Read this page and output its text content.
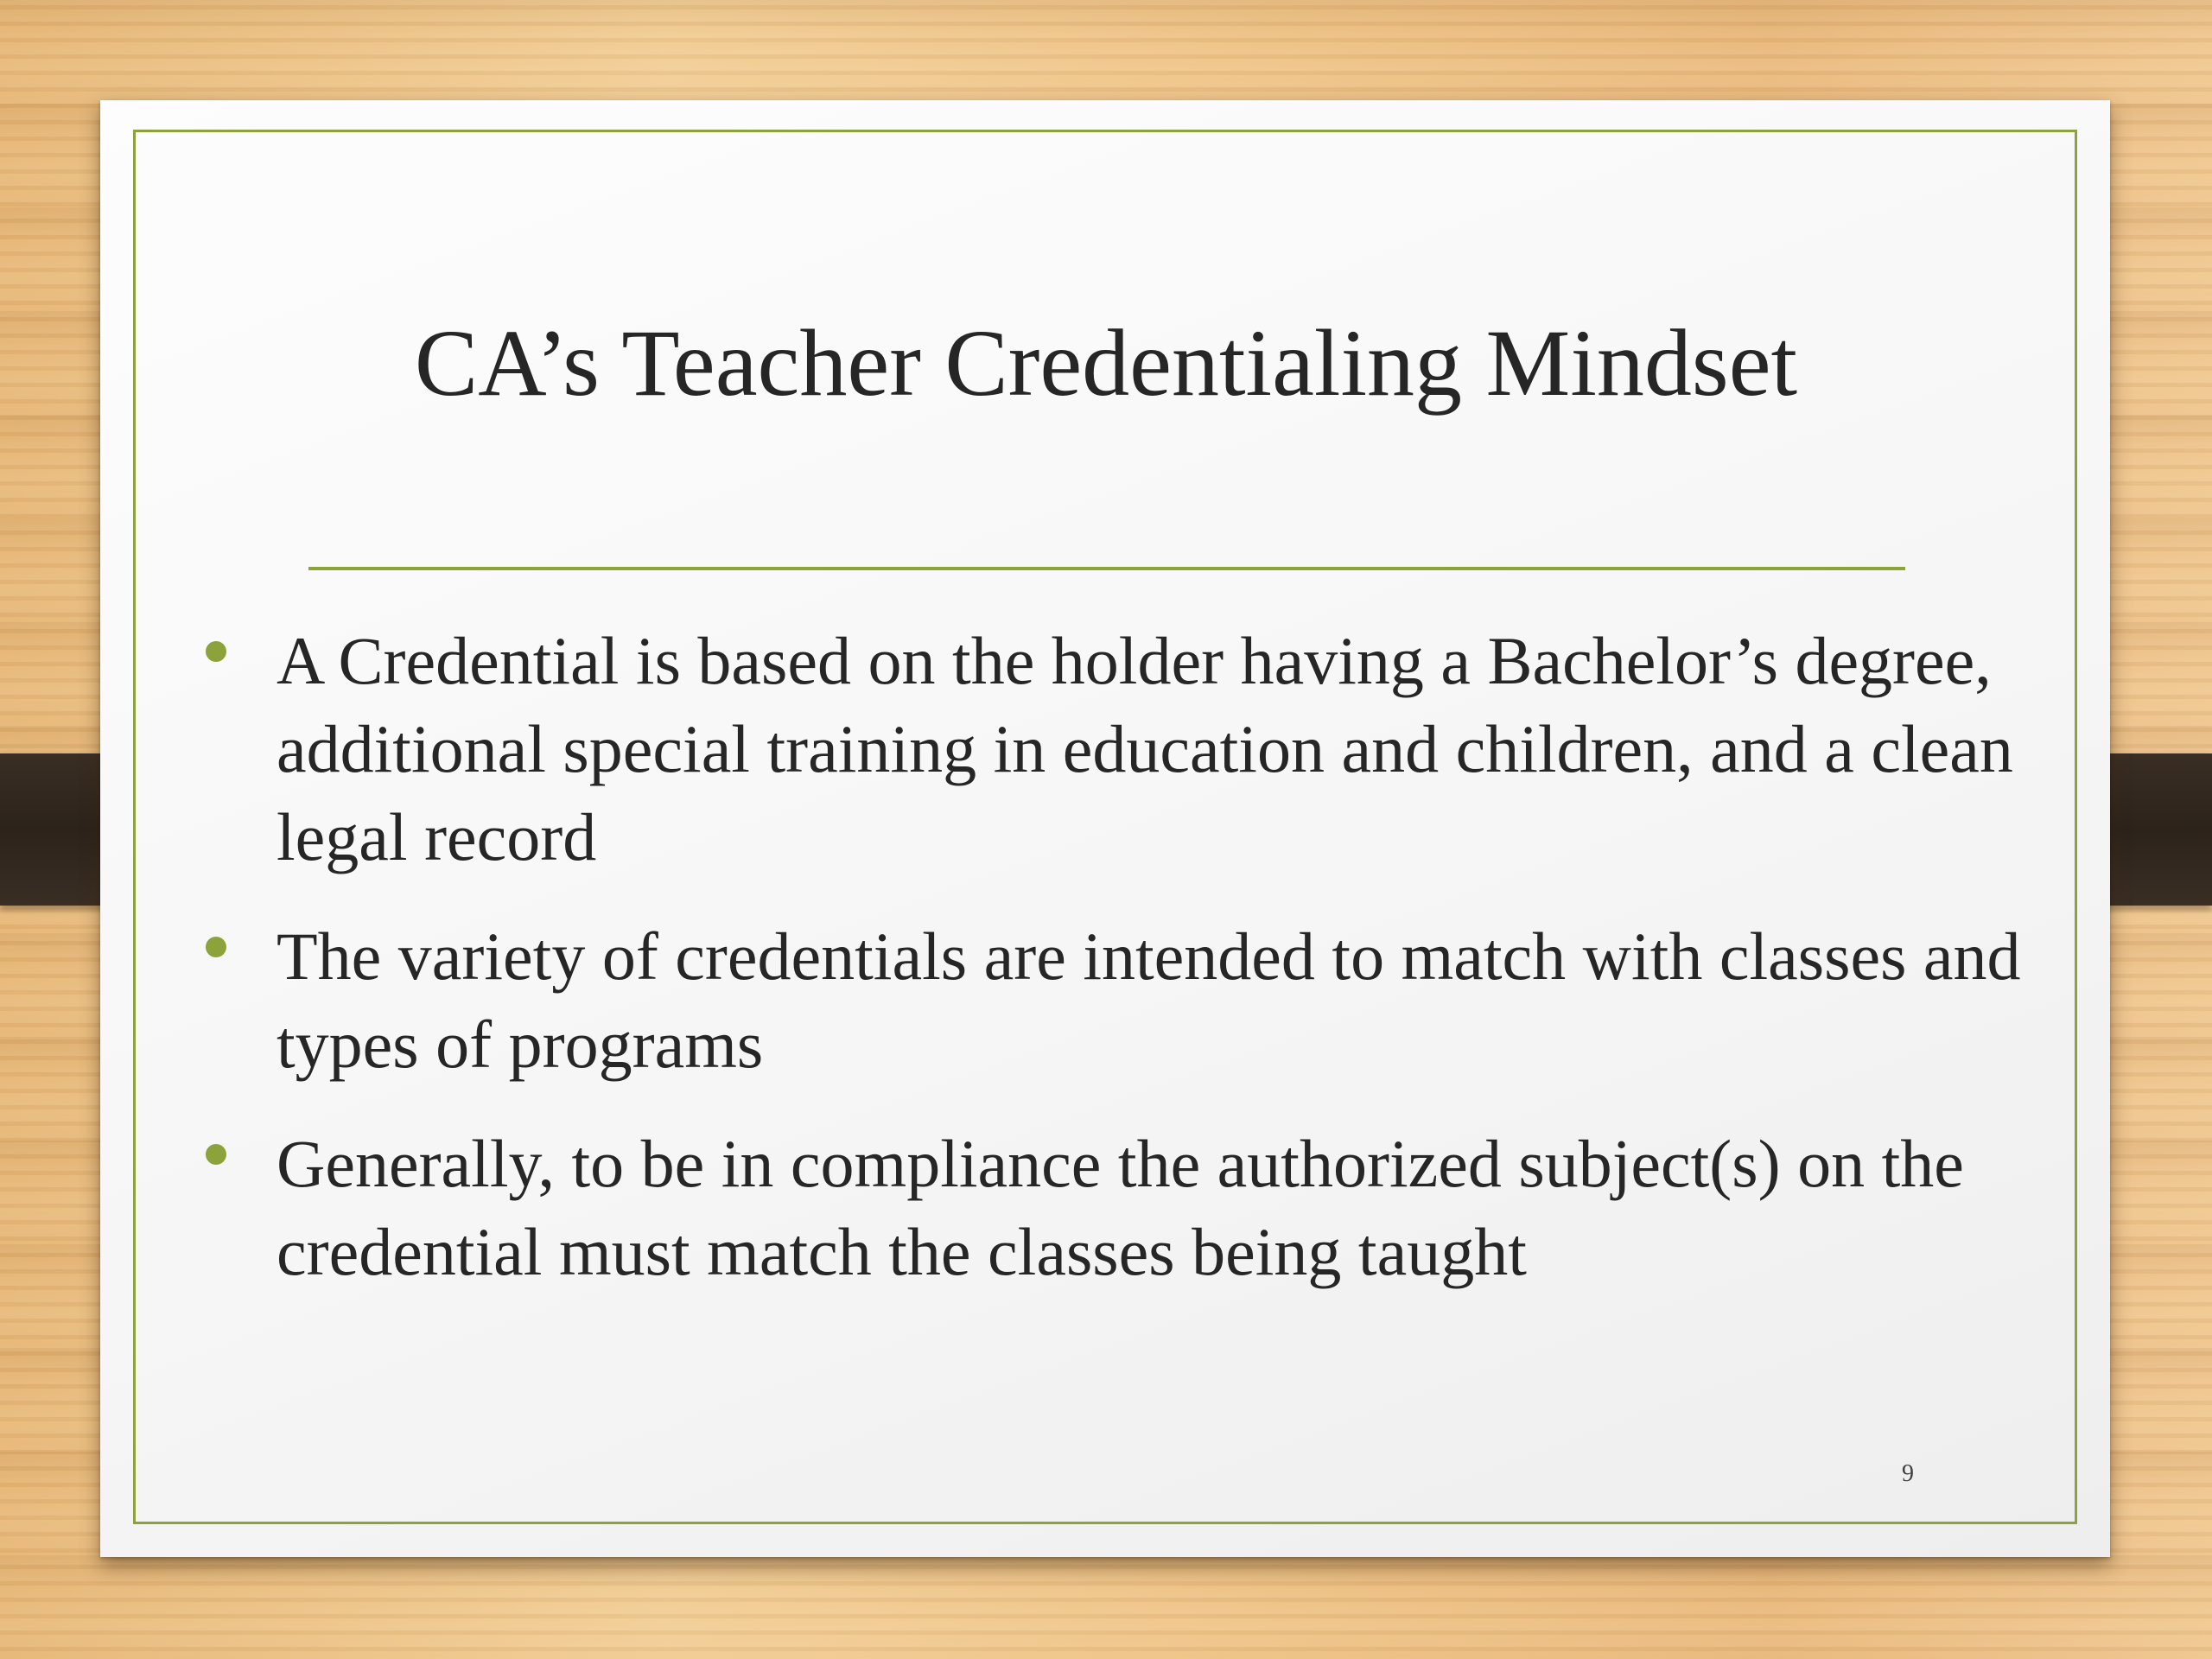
CA’s Teacher Credentialing Mindset
A Credential is based on the holder having a Bachelor’s degree, additional special training in education and children, and a clean legal record
The variety of credentials are intended to match with classes and types of programs
Generally, to be in compliance the authorized subject(s) on the credential must match the classes being taught
9
